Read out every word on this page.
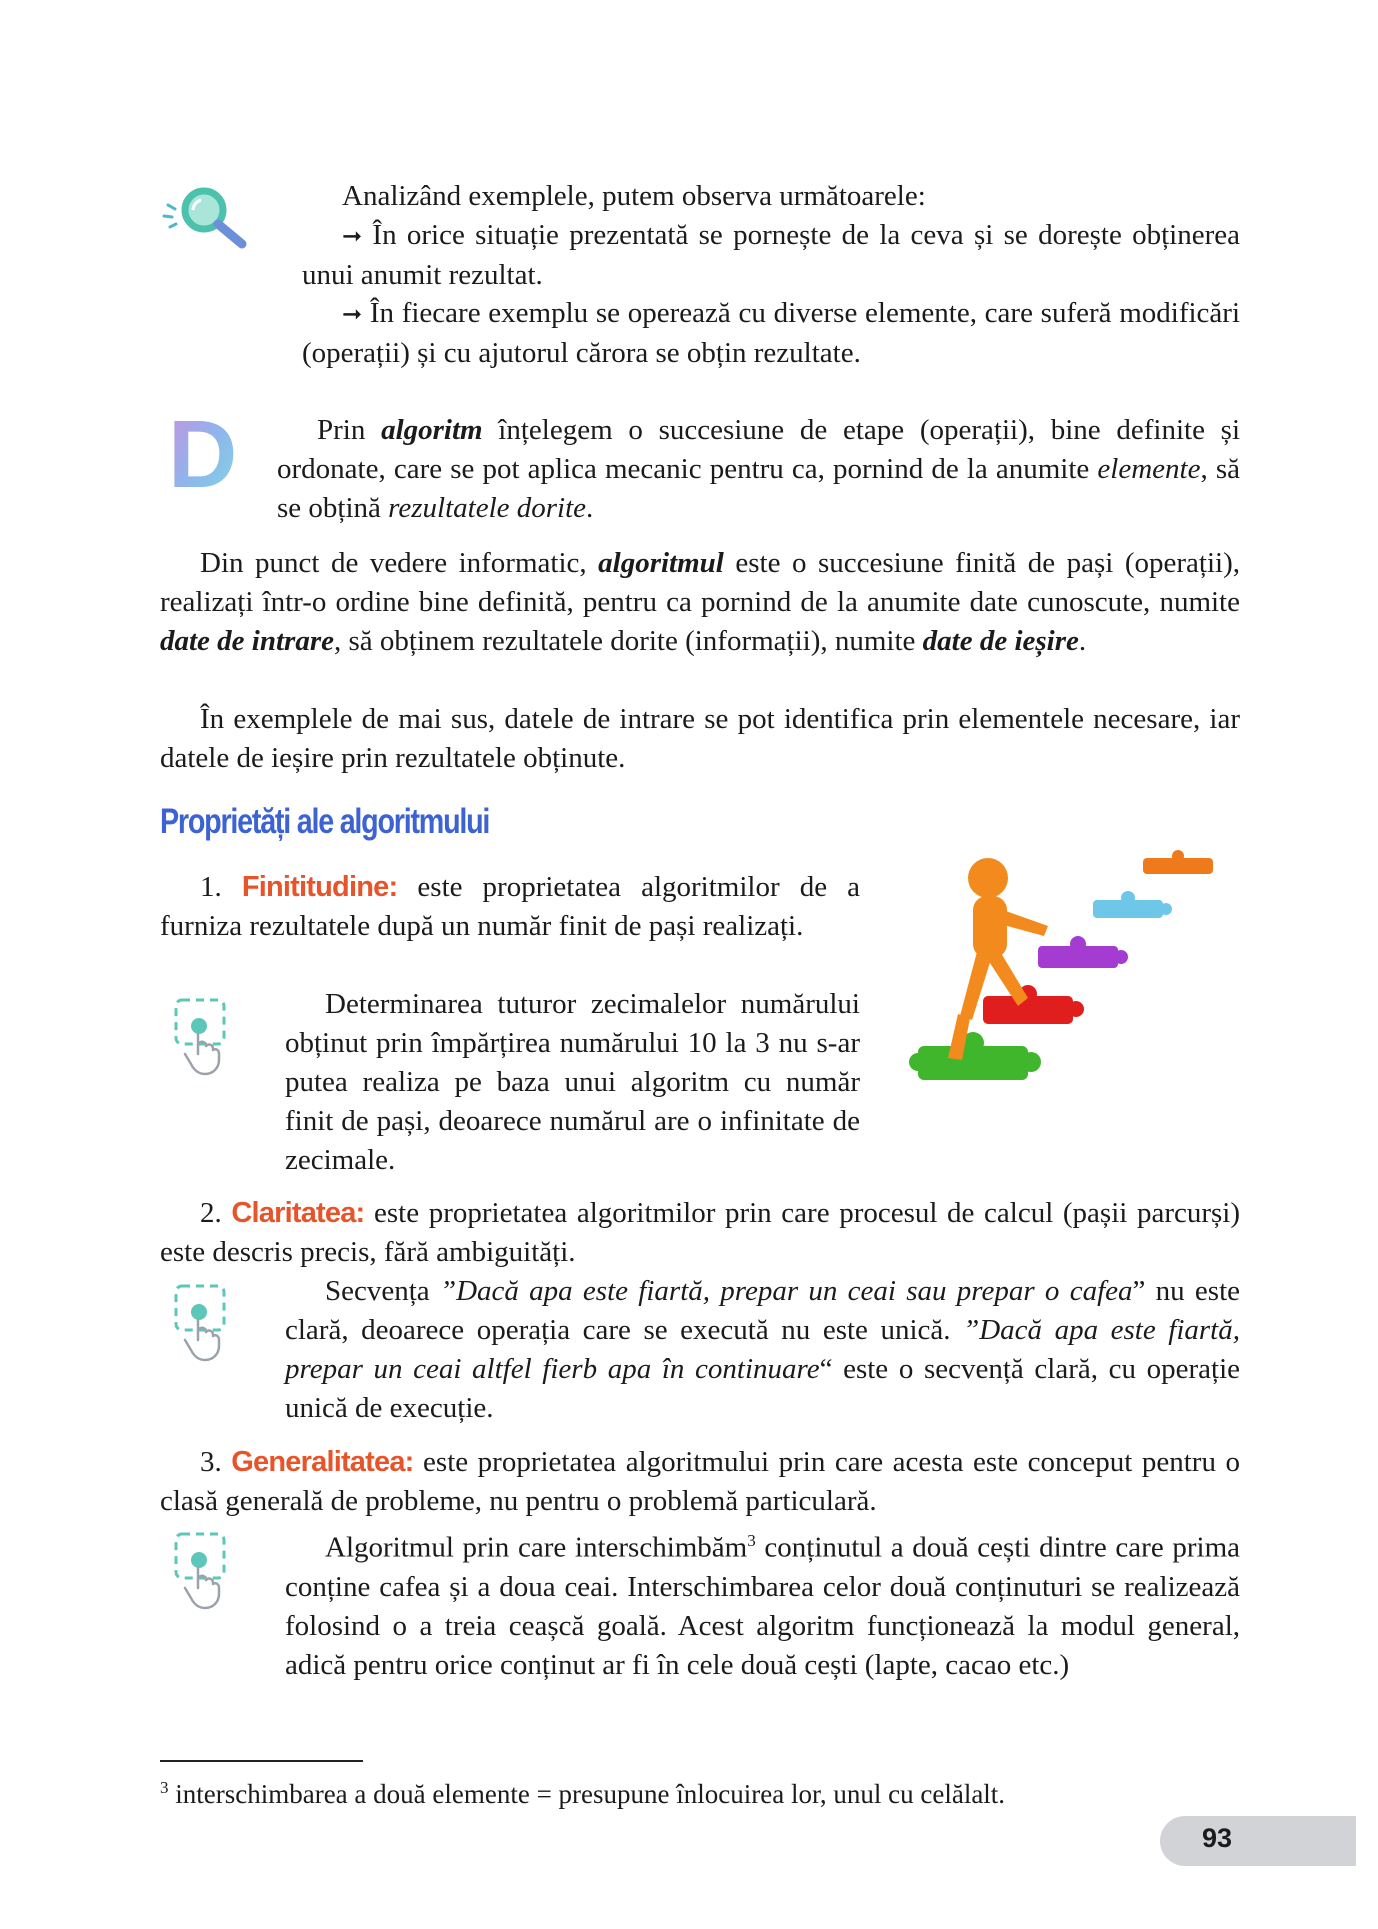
Analizând exemplele, putem observa următoarele:

➞ În orice situație prezentată se pornește de la ceva și se dorește obținerea unui anumit rezultat.

➞ În fiecare exemplu se operează cu diverse elemente, care suferă modificări (operații) și cu ajutorul cărora se obțin rezultate.

D	Prin algoritm înțelegem o succesiune de etape (operații), bine definite și ordonate, care se pot aplica mecanic pentru ca, pornind de la anumite elemente, să se obțină rezultatele dorite.

Din punct de vedere informatic, algoritmul este o succesiune finită de pași (operații), realizați într-o ordine bine definită, pentru ca pornind de la anumite date cunoscute, numite date de intrare, să obținem rezultatele dorite (informații), numite date de ieșire.

În exemplele de mai sus, datele de intrare se pot identifica prin elementele necesare, iar datele de ieșire prin rezultatele obținute.

Proprietăți ale algoritmului

1. Finititudine: este proprietatea algoritmilor de a furniza rezultatele după un număr finit de pași realizați.

Determinarea tuturor zecimalelor numărului obținut prin împărțirea numărului 10 la 3 nu s-ar putea realiza pe baza unui algoritm cu număr finit de pași, deoarece numărul are o infinitate de zecimale.

2. Claritatea: este proprietatea algoritmilor prin care procesul de calcul (pașii parcurși) este descris precis, fără ambiguități.

Secvența ”Dacă apa este fiartă, prepar un ceai sau prepar o cafea” nu este clară, deoarece operația care se execută nu este unică. ”Dacă apa este fiartă, prepar un ceai altfel fierb apa în continuare“ este o secvență clară, cu operație unică de execuție.

3. Generalitatea: este proprietatea algoritmului prin care acesta este conceput pentru o clasă generală de probleme, nu pentru o problemă particulară.

Algoritmul prin care interschimbăm$^3$ conținutul a două cești dintre care prima conține cafea și a doua ceai. Interschimbarea celor două conținuturi se realizează folosind o a treia ceașcă goală. Acest algoritm funcționează la modul general, adică pentru orice conținut ar fi în cele două cești (lapte, cacao etc.)

$^3$ interschimbarea a două elemente = presupune înlocuirea lor, unul cu celălalt.
93
